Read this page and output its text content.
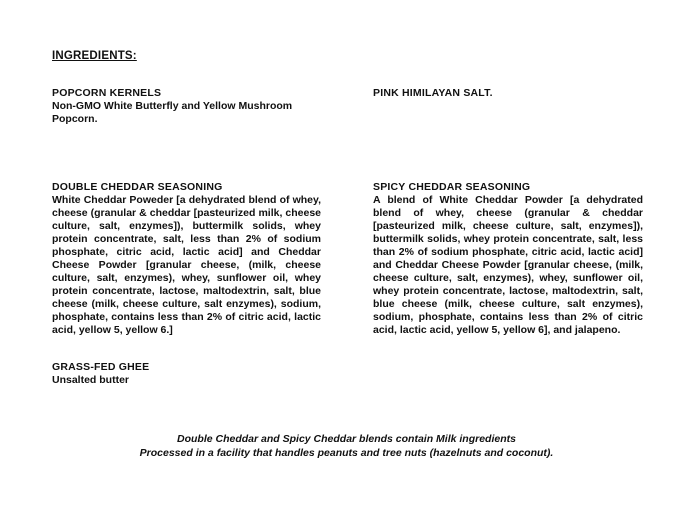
INGREDIENTS:
POPCORN KERNELS

Non-GMO White Butterfly and Yellow Mushroom Popcorn.

PINK HIMILAYAN SALT.
DOUBLE CHEDDAR SEASONING

White Cheddar Poweder [a dehydrated blend of whey, cheese (granular & cheddar [pasteurized milk, cheese culture, salt, enzymes]), buttermilk solids, whey protein concentrate, salt, less than 2% of sodium phosphate, citric acid, lactic acid] and Cheddar Cheese Powder [granular cheese, (milk, cheese culture, salt, enzymes), whey, sunflower oil, whey protein concentrate, lactose, maltodextrin, salt, blue cheese (milk, cheese culture, salt enzymes), sodium, phosphate, contains less than 2% of citric acid, lactic acid, yellow 5, yellow 6.]

SPICY CHEDDAR SEASONING

A blend of White Cheddar Powder [a dehydrated blend of whey, cheese (granular & cheddar [pasteurized milk, cheese culture, salt, enzymes]), buttermilk solids, whey protein concentrate, salt, less than 2% of sodium phosphate, citric acid, lactic acid] and Cheddar Cheese Powder [granular cheese, (milk, cheese culture, salt, enzymes), whey, sunflower oil, whey protein concentrate, lactose, maltodextrin, salt, blue cheese (milk, cheese culture, salt enzymes), sodium, phosphate, contains less than 2% of citric acid, lactic acid, yellow 5, yellow 6], and jalapeno.

GRASS-FED GHEE

Unsalted butter

Double Cheddar and Spicy Cheddar blends contain Milk ingredients
Processed in a facility that handles peanuts and tree nuts (hazelnuts and coconut).
